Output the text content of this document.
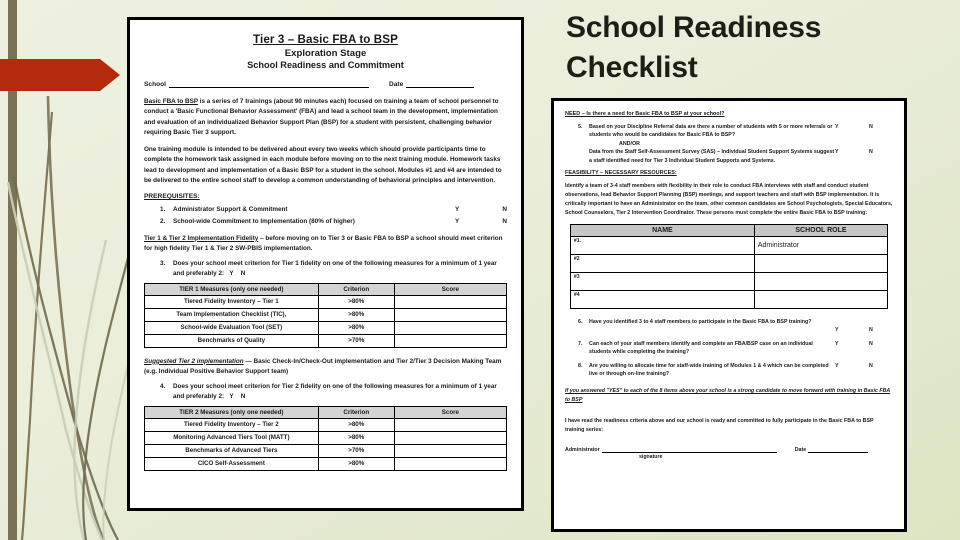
School Readiness
Checklist
Tier 3 – Basic FBA to BSP
Exploration Stage
School Readiness and Commitment
School	Date

Basic FBA to BSP is a series of 7 trainings (about 90 minutes each) focused on training a team of school personnel to conduct a 'Basic Functional Behavior Assessment' (FBA) and lead a school team in the development, implementation and evaluation of an individualized Behavior Support Plan (BSP) for a student with persistent, challenging behavior requiring Basic Tier 3 support.

One training module is intended to be delivered about every two weeks which should provide participants time to complete the homework task assigned in each module before moving on to the next training module. Homework tasks lead to development and implementation of a Basic BSP for a student in the school. Modules #1 and #4 are intended to be delivered to the entire school staff to develop a common understanding of behavioral principles and intervention.

PREREQUISITES:
1.	Administrator Support & Commitment	Y	N
2.	School-wide Commitment to Implementation (80% of higher)	Y	N
Tier 1 & Tier 2 Implementation Fidelity – before moving on to Tier 3 or Basic FBA to BSP a school should meet criterion for high fidelity Tier 1 & Tier 2 SW-PBIS implementation.
3.	Does your school meet criterion for Tier 1 fidelity on one of the following measures for a minimum of 1 year and preferably 2: Y N
TIER 1 Measures (only one needed)	Criterion	Score
Tiered Fidelity Inventory – Tier 1	>80%	
Team Implementation Checklist (TIC),	>80%	
School-wide Evaluation Tool (SET)	>80%	
Benchmarks of Quality	>70%	
Suggested Tier 2 implementation — Basic Check-In/Check-Out implementation and Tier 2/Tier 3 Decision Making Team (e.g. Individual Positive Behavior Support team)
4.	Does your school meet criterion for Tier 2 fidelity on one of the following measures for a minimum of 1 year and preferably 2: Y N
TIER 2 Measures (only one needed)	Criterion	Score
Tiered Fidelity Inventory – Tier 2	>80%	
Monitoring Advanced Tiers Tool (MATT)	>80%	
Benchmarks of Advanced Tiers	>70%	
CICO Self-Assessment	>80%	
NEED – Is there a need for Basic FBA to BSP at your school?
5.	Based on your Discipline Referral data are there a number of students with 5 or more referrals or students who would be candidates for Basic FBA to BSP?
Y	N
AND/OR
Data from the Staff Self-Assessment Survey (SAS) – Individual Student Support Systems suggest a staff identified need for Tier 3 Individual Student Supports and Systems.
Y	N
FEASIBILITY – NECESSARY RESOURCES:
Identify a team of 3-4 staff members with flexibility in their role to conduct FBA interviews with staff and conduct student observations, lead Behavior Support Planning (BSP) meetings, and support teachers and staff with BSP implementation. It is critically important to have an Administrator on the team, other common candidates are School Psychologists, Special Educators, School Counselors, Tier 2 Intervention Coordinator. These persons must complete the entire Basic FBA to BSP training:
NAME	SCHOOL ROLE
#1.	Administrator
#2	
#3	
#4	
6.	Have you identified 3 to 4 staff members to participate in the Basic FBA to BSP training?
Y	N
7.	Can each of your staff members identify and complete an FBA/BSP case on an individual students while completing the training?
Y	N
8.	Are you willing to allocate time for staff-wide training of Modules 1 & 4 which can be completed live or through on-line training?
Y	N
If you answered "YES" to each of the 8 items above your school is a strong candidate to move forward with training in Basic FBA to BSP
I have read the readiness criteria above and our school is ready and committed to fully participate in the Basic FBA to BSP training series:
Administrator	Date
signature
